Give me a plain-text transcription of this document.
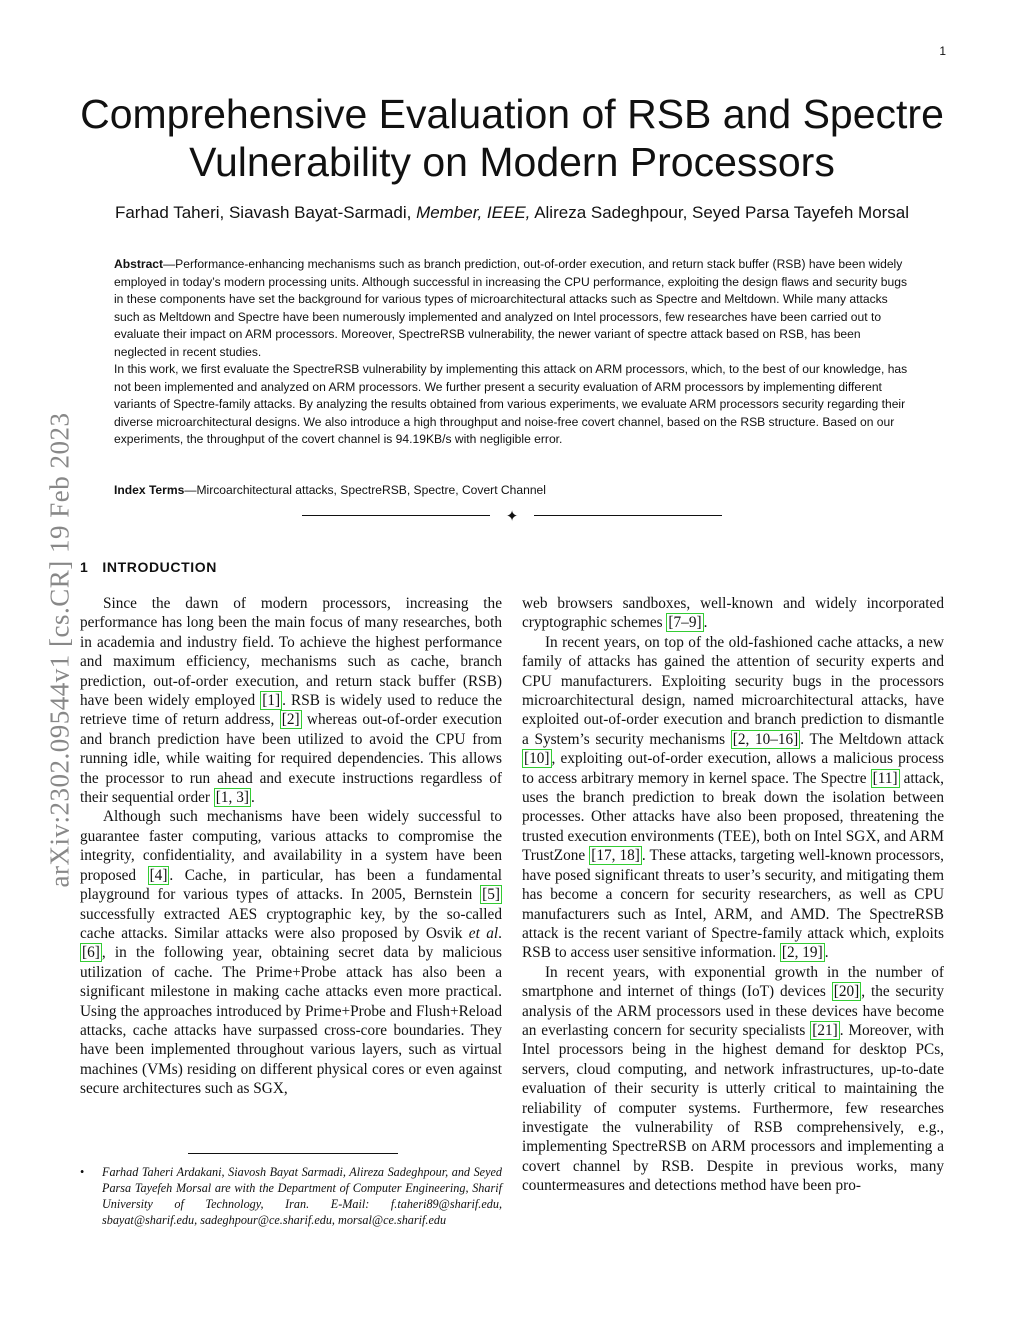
1
arXiv:2302.09544v1 [cs.CR] 19 Feb 2023
Comprehensive Evaluation of RSB and Spectre
Vulnerability on Modern Processors
Farhad Taheri, Siavash Bayat-Sarmadi, Member, IEEE, Alireza Sadeghpour, Seyed Parsa Tayefeh Morsal

Abstract—Performance-enhancing mechanisms such as branch prediction, out-of-order execution, and return stack buffer (RSB) have been widely employed in today’s modern processing units. Although successful in increasing the CPU performance, exploiting the design flaws and security bugs in these components have set the background for various types of microarchitectural attacks such as Spectre and Meltdown. While many attacks such as Meltdown and Spectre have been numerously implemented and analyzed on Intel processors, few researches have been carried out to evaluate their impact on ARM processors. Moreover, SpectreRSB vulnerability, the newer variant of spectre attack based on RSB, has been neglected in recent studies.

In this work, we first evaluate the SpectreRSB vulnerability by implementing this attack on ARM processors, which, to the best of our knowledge, has not been implemented and analyzed on ARM processors. We further present a security evaluation of ARM processors by implementing different variants of Spectre-family attacks. By analyzing the results obtained from various experiments, we evaluate ARM processors security regarding their diverse microarchitectural designs. We also introduce a high throughput and noise-free covert channel, based on the RSB structure. Based on our experiments, the throughput of the covert channel is 94.19KB/s with negligible error.

Index Terms—Mircoarchitectural attacks, SpectreRSB, Spectre, Covert Channel
✦
1 INTRODUCTION

Since the dawn of modern processors, increasing the performance has long been the main focus of many researches, both in academia and industry field. To achieve the highest performance and maximum efficiency, mechanisms such as cache, branch prediction, out-of-order execution, and return stack buffer (RSB) have been widely employed [1] . RSB is widely used to reduce the retrieve time of return address, [2] whereas out-of-order execution and branch prediction have been utilized to avoid the CPU from running idle, while waiting for required dependencies. This allows the processor to run ahead and execute instructions regardless of their sequential order [1, 3] .

Although such mechanisms have been widely successful to guarantee faster computing, various attacks to compromise the integrity, confidentiality, and availability in a system have been proposed [4] . Cache, in particular, has been a fundamental playground for various types of attacks. In 2005, Bernstein [5] successfully extracted AES cryptographic key, by the so-called cache attacks. Similar attacks were also proposed by Osvik et al. [6] , in the following year, obtaining secret data by malicious utilization of cache. The Prime+Probe attack has also been a significant milestone in making cache attacks even more practical. Using the approaches introduced by Prime+Probe and Flush+Reload attacks, cache attacks have surpassed cross-core boundaries. They have been implemented throughout various layers, such as virtual machines (VMs) residing on different physical cores or even against secure architectures such as SGX,

web browsers sandboxes, well-known and widely incorporated cryptographic schemes [7–9] .

In recent years, on top of the old-fashioned cache attacks, a new family of attacks has gained the attention of security experts and CPU manufacturers. Exploiting security bugs in the processors microarchitectural design, named microarchitectural attacks, have exploited out-of-order execution and branch prediction to dismantle a System’s security mechanisms [2, 10–16] . The Meltdown attack [10] , exploiting out-of-order execution, allows a malicious process to access arbitrary memory in kernel space. The Spectre [11] attack, uses the branch prediction to break down the isolation between processes. Other attacks have also been proposed, threatening the trusted execution environments (TEE), both on Intel SGX, and ARM TrustZone [17, 18] . These attacks, targeting well-known processors, have posed significant threats to user’s security, and mitigating them has become a concern for security researchers, as well as CPU manufacturers such as Intel, ARM, and AMD. The SpectreRSB attack is the recent variant of Spectre-family attack which, exploits RSB to access user sensitive information. [2, 19] .

In recent years, with exponential growth in the number of smartphone and internet of things (IoT) devices [20] , the security analysis of the ARM processors used in these devices have become an everlasting concern for security specialists [21] . Moreover, with Intel processors being in the highest demand for desktop PCs, servers, cloud computing, and network infrastructures, up-to-date evaluation of their security is utterly critical to maintaining the reliability of computer systems. Furthermore, few researches investigate the vulnerability of RSB comprehensively, e.g., implementing SpectreRSB on ARM processors and implementing a covert channel by RSB. Despite in previous works, many countermeasures and detections method have been pro-

• Farhad Taheri Ardakani, Siavosh Bayat Sarmadi, Alireza Sadeghpour, and Seyed Parsa Tayefeh Morsal are with the Department of Computer Engineering, Sharif University of Technology, Iran. E-Mail: f.taheri89@sharif.edu, sbayat@sharif.edu, sadeghpour@ce.sharif.edu, morsal@ce.sharif.edu
